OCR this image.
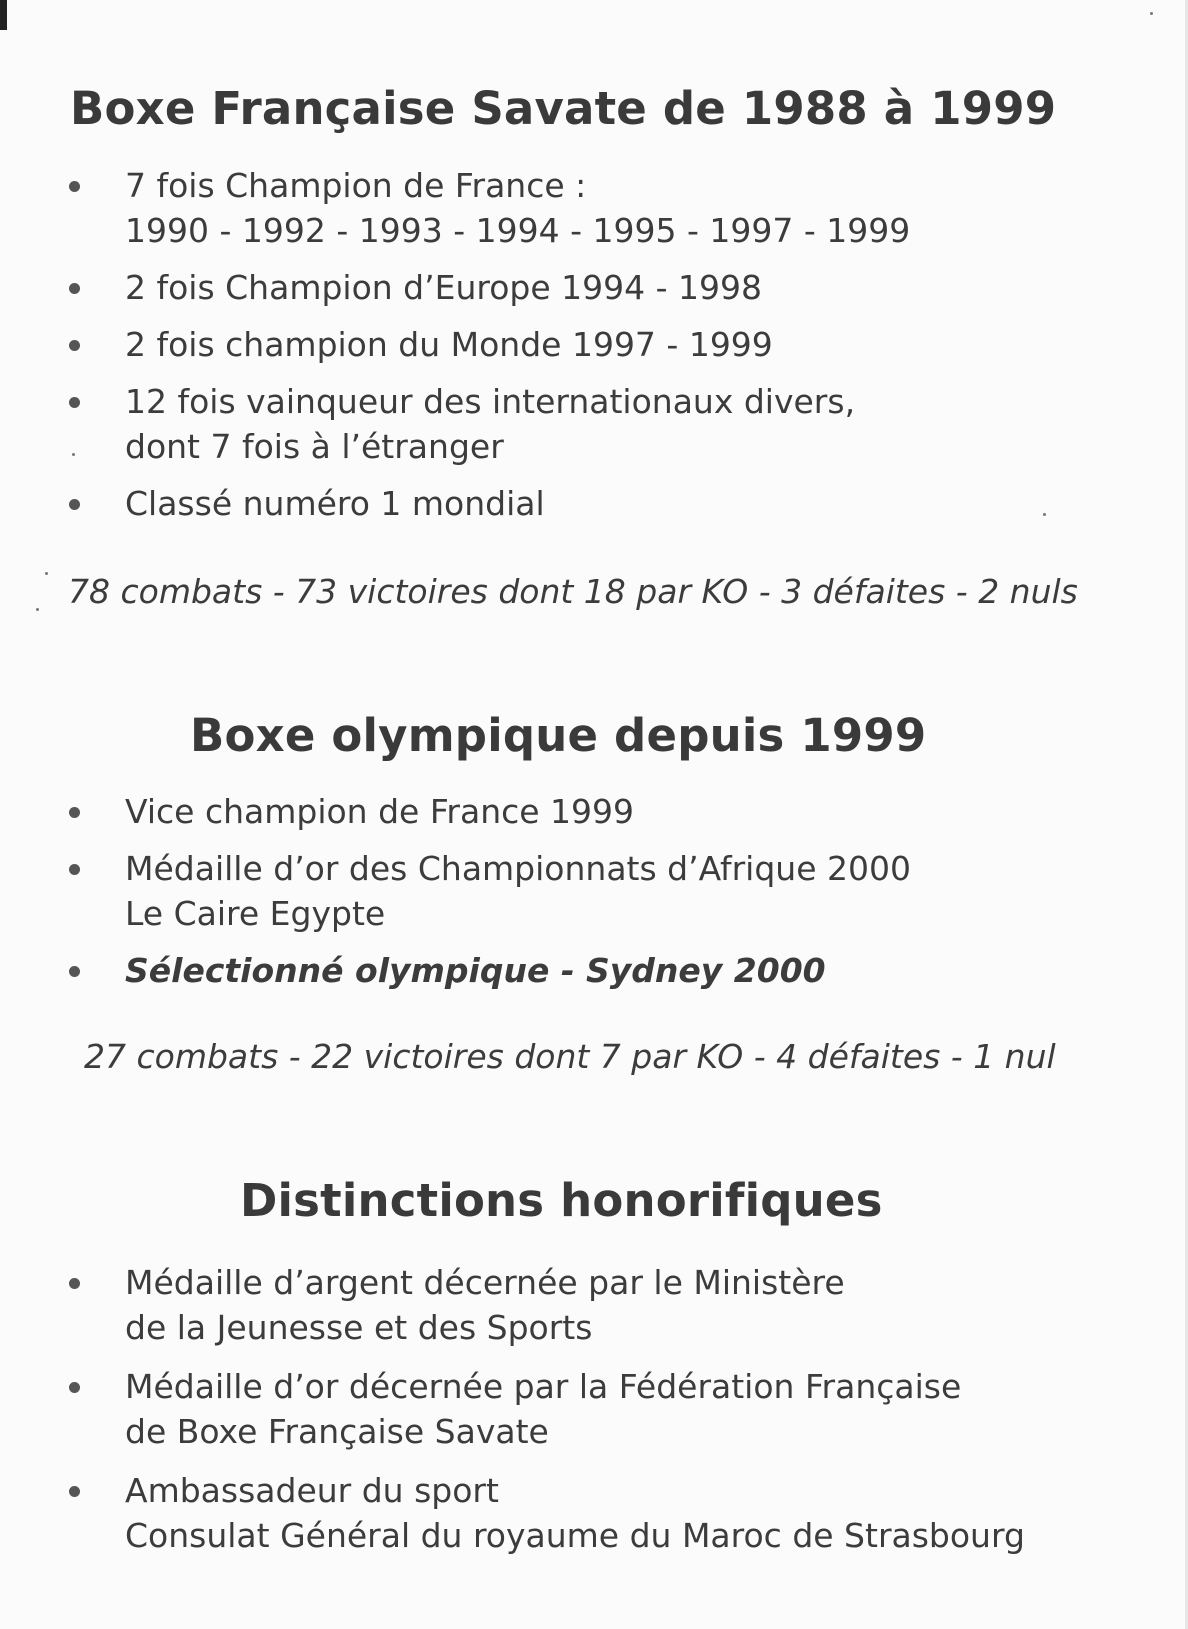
Boxe Française Savate de 1988 à 1999
7 fois Champion de France :
1990 - 1992 - 1993 - 1994 - 1995 - 1997 - 1999
2 fois Champion d’Europe 1994 - 1998
2 fois champion du Monde 1997 - 1999
12 fois vainqueur des internationaux divers,
dont 7 fois à l’étranger
Classé numéro 1 mondial

78 combats - 73 victoires dont 18 par KO - 3 défaites - 2 nuls

Boxe olympique depuis 1999
Vice champion de France 1999
Médaille d’or des Championnats d’Afrique 2000
Le Caire Egypte
Sélectionné olympique - Sydney 2000

27 combats - 22 victoires dont 7 par KO - 4 défaites - 1 nul

Distinctions honorifiques
Médaille d’argent décernée par le Ministère
de la Jeunesse et des Sports
Médaille d’or décernée par la Fédération Française
de Boxe Française Savate
Ambassadeur du sport
Consulat Général du royaume du Maroc de Strasbourg
